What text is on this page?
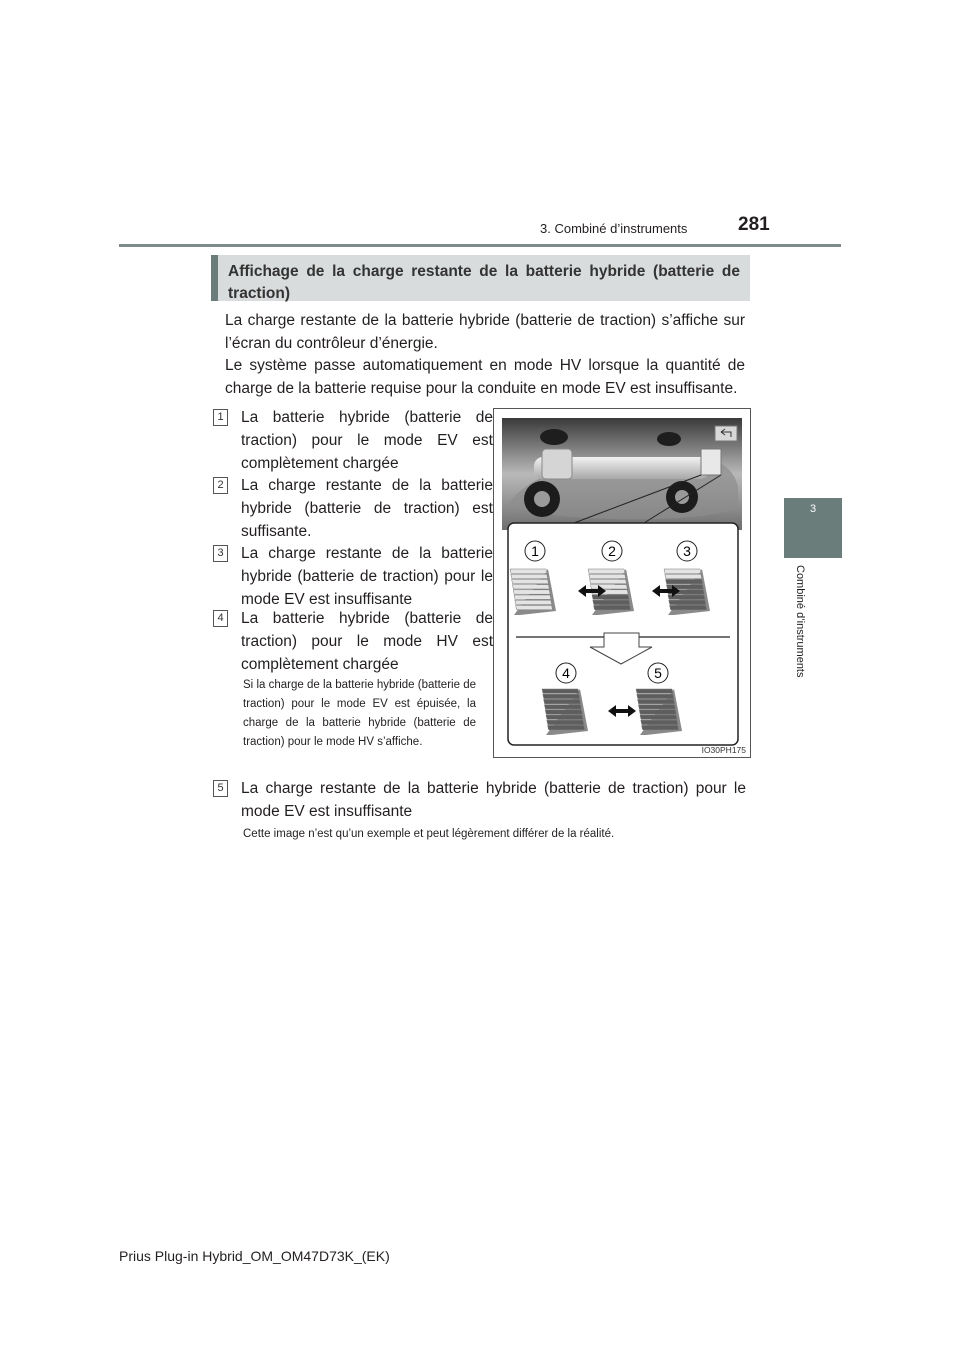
3. Combiné d’instruments	281
3
Combiné d’instruments
Affichage de la charge restante de la batterie hybride (batterie de traction)
La charge restante de la batterie hybride (batterie de traction) s’affiche sur l’écran du contrôleur d’énergie.
Le système passe automatiquement en mode HV lorsque la quantité de charge de la batterie requise pour la conduite en mode EV est insuffisante.
1 La batterie hybride (batterie de traction) pour le mode EV est complètement chargée
2 La charge restante de la batterie hybride (batterie de traction) est suffisante.
3 La charge restante de la batterie hybride (batterie de traction) pour le mode EV est insuffisante
4 La batterie hybride (batterie de traction) pour le mode HV est complètement chargée
Si la charge de la batterie hybride (batterie de traction) pour le mode EV est épuisée, la charge de la batterie hybride (batterie de traction) pour le mode HV s’affiche.
5 La charge restante de la batterie hybride (batterie de traction) pour le mode EV est insuffisante
Cette image n’est qu’un exemple et peut légèrement différer de la réalité.
1	2	3
4	5
IO30PH175
Prius Plug-in Hybrid_OM_OM47D73K_(EK)
